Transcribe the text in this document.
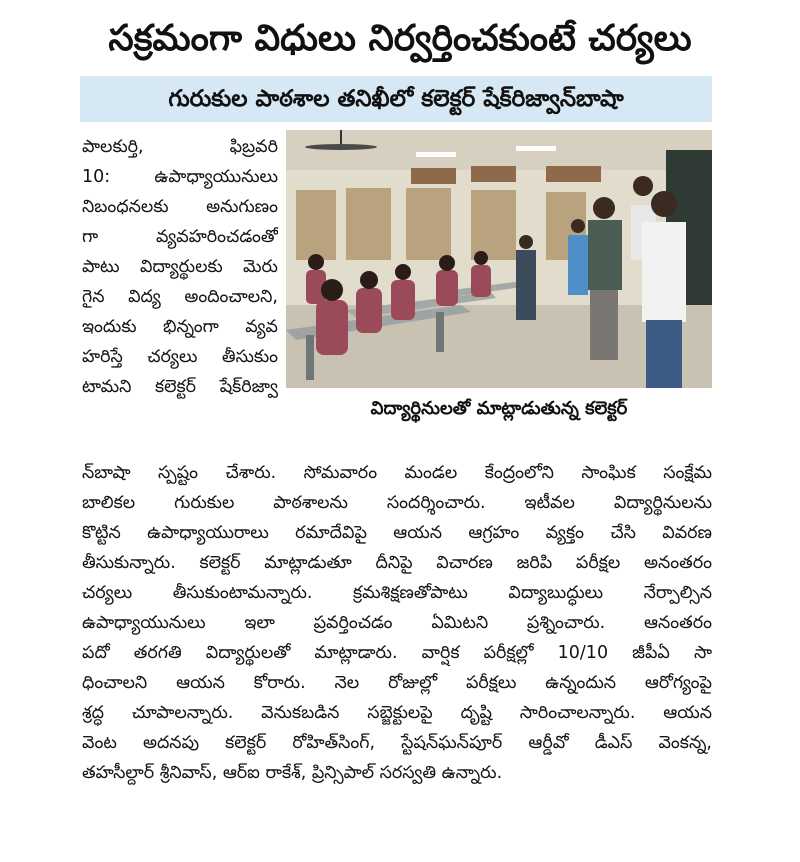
సక్రమంగా విధులు నిర్వర్తించకుంటే చర్యలు
గురుకుల పాఠశాల తనిఖీలో కలెక్టర్ షేక్‌రిజ్వాన్‌బాషా
పాలకుర్తి, ఫిబ్రవరి
10: ఉపాధ్యాయునులు
నిబంధనలకు అనుగుణం
గా వ్యవహరించడంతో
పాటు విద్యార్థులకు మెరు
గైన విద్య అందించాలని,
ఇందుకు భిన్నంగా వ్యవ
హరిస్తే చర్యలు తీసుకుం
టామని కలెక్టర్ షేక్‌రిజ్వా
విద్యార్థినులతో మాట్లాడుతున్న కలెక్టర్
న్‌బాషా స్పష్టం చేశారు. సోమవారం మండల కేంద్రంలోని సాంఘిక సంక్షేమ
బాలికల గురుకుల పాఠశాలను సందర్శించారు. ఇటీవల విద్యార్థినులను
కొట్టిన ఉపాధ్యాయురాలు రమాదేవిపై ఆయన ఆగ్రహం వ్యక్తం చేసి వివరణ
తీసుకున్నారు. కలెక్టర్ మాట్లాడుతూ దీనిపై విచారణ జరిపి పరీక్షల అనంతరం
చర్యలు తీసుకుంటామన్నారు. క్రమశిక్షణతోపాటు విద్యాబుద్ధులు నేర్పాల్సిన
ఉపాధ్యాయునులు ఇలా ప్రవర్తించడం ఏమిటని ప్రశ్నించారు. ఆనంతరం
పదో తరగతి విద్యార్థులతో మాట్లాడారు. వార్షిక పరీక్షల్లో 10/10 జీపీఏ సా
ధించాలని ఆయన కోరారు. నెల రోజుల్లో పరీక్షలు ఉన్నందున ఆరోగ్యంపై
శ్రద్ధ చూపాలన్నారు. వెనుకబడిన సబ్జెక్టులపై దృష్టి సారించాలన్నారు. ఆయన
వెంట అదనపు కలెక్టర్ రోహిత్‌సింగ్, స్టేషన్‌ఘన్‌పూర్ ఆర్డీవో డీఎస్ వెంకన్న,
తహసీల్దార్ శ్రీనివాస్, ఆర్‌ఐ రాకేశ్, ప్రిన్సిపాల్ సరస్వతి ఉన్నారు.
